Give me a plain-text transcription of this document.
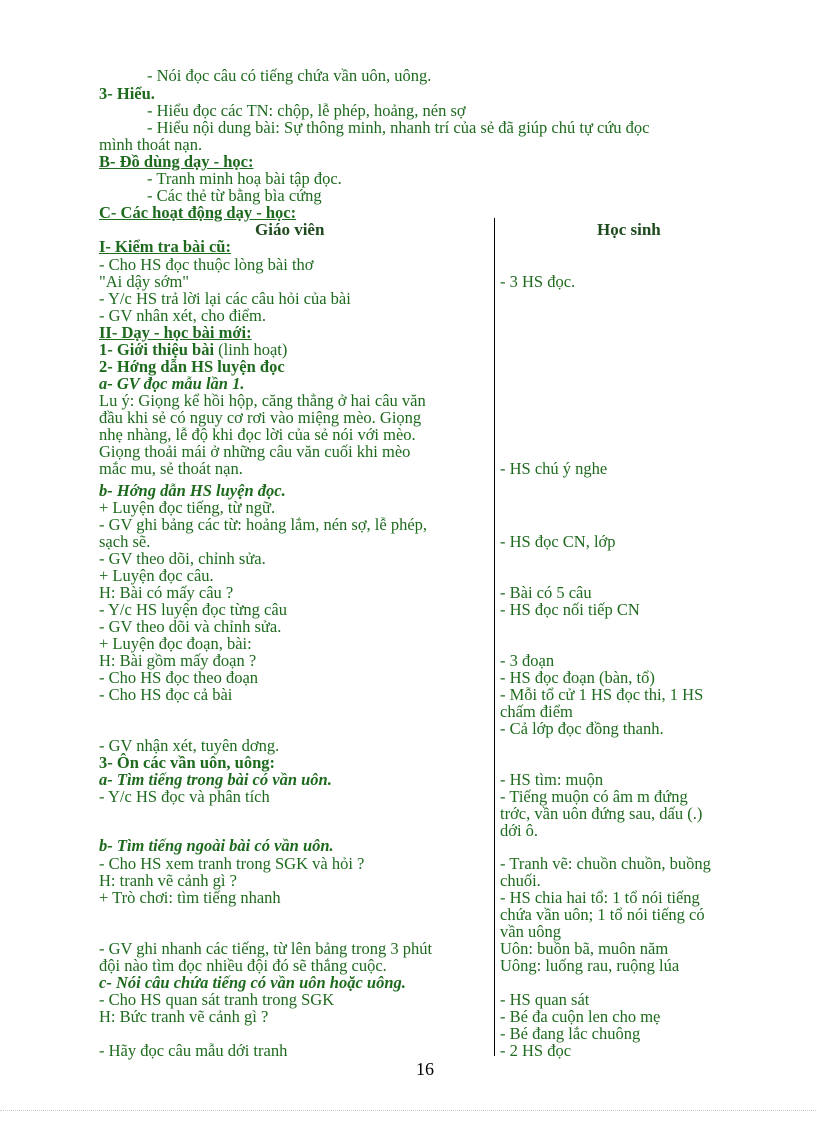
- Nói đọc câu có tiếng chứa vần uôn, uông.
3- Hiểu.
- Hiểu đọc các TN: chộp, lễ phép, hoảng, nén sợ
- Hiểu nội dung bài: Sự thông minh, nhanh trí của sẻ đã giúp chú tự cứu đọc
mình thoát nạn.
B- Đồ dùng dạy - học:
- Tranh minh hoạ bài tập đọc.
- Các thẻ từ bằng bìa cứng
C- Các hoạt động dạy - học:
Giáo viên	Học sinh
I- Kiểm tra bài cũ:
- Cho HS đọc thuộc lòng bài thơ
"Ai dậy sớm"
- Y/c HS trả lời lại các câu hỏi của bài
- GV nhân xét, cho điểm.
II- Dạy - học bài mới:
1- Giới thiệu bài (linh hoạt)
2- Hớng dẫn HS luyện đọc
a- GV đọc mẫu lần 1.
Lu ý: Giọng kể hồi hộp, căng thẳng ở hai câu văn
đầu khi sẻ có nguy cơ rơi vào miệng mèo. Giọng
nhẹ nhàng, lễ độ khi đọc lời của sẻ nói với mèo.
Giọng thoải mái ở những câu văn cuối khi mèo
mắc mu, sẻ thoát nạn.
b- Hớng dẫn HS luyện đọc.
+ Luyện đọc tiếng, từ ngữ.
- GV ghi bảng các từ: hoảng lắm, nén sợ, lễ phép,
sạch sẽ.
- GV theo dõi, chỉnh sửa.
+ Luyện đọc câu.
H: Bài có mấy câu ?
- Y/c HS luyện đọc từng câu
- GV theo dõi và chỉnh sửa.
+ Luyện đọc đoạn, bài:
H: Bài gồm mấy đoạn ?
- Cho HS đọc theo đoạn
- Cho HS đọc cả bài
- GV nhận xét, tuyên dơng.
3- Ôn các vần uôn, uông:
a- Tìm tiếng trong bài có vần uôn.
- Y/c HS đọc và phân tích
b- Tìm tiếng ngoài bài có vần uôn.
- Cho HS xem tranh trong SGK và hỏi ?
H: tranh vẽ cảnh gì ?
+ Trò chơi: tìm tiếng nhanh
- GV ghi nhanh các tiếng, từ lên bảng trong 3 phút
đội nào tìm đọc nhiều đội đó sẽ thắng cuộc.
c- Nói câu chứa tiếng có vần uôn hoặc uông.
- Cho HS quan sát tranh trong SGK
H: Bức tranh vẽ cảnh gì ?
- Hãy đọc câu mẫu dới tranh
- 3 HS đọc.
- HS chú ý nghe
- HS đọc CN, lớp
- Bài có 5 câu
- HS đọc nối tiếp CN
- 3 đoạn
- HS đọc đoạn (bàn, tổ)
- Mỗi tổ cử 1 HS đọc thi, 1 HS
chấm điểm
- Cả lớp đọc đồng thanh.
- HS tìm: muộn
- Tiếng muộn có âm m đứng
trớc, vần uôn đứng sau, dấu (.)
dới ô.
- Tranh vẽ: chuồn chuồn, buồng
chuối.
- HS chia hai tổ: 1 tổ nói tiếng
chứa vần uôn; 1 tổ nói tiếng có
vần uông
Uôn: buồn bã, muôn năm
Uông: luống rau, ruộng lúa
- HS quan sát
- Bé đa cuộn len cho mẹ
- Bé đang lắc chuông
- 2 HS đọc
16
